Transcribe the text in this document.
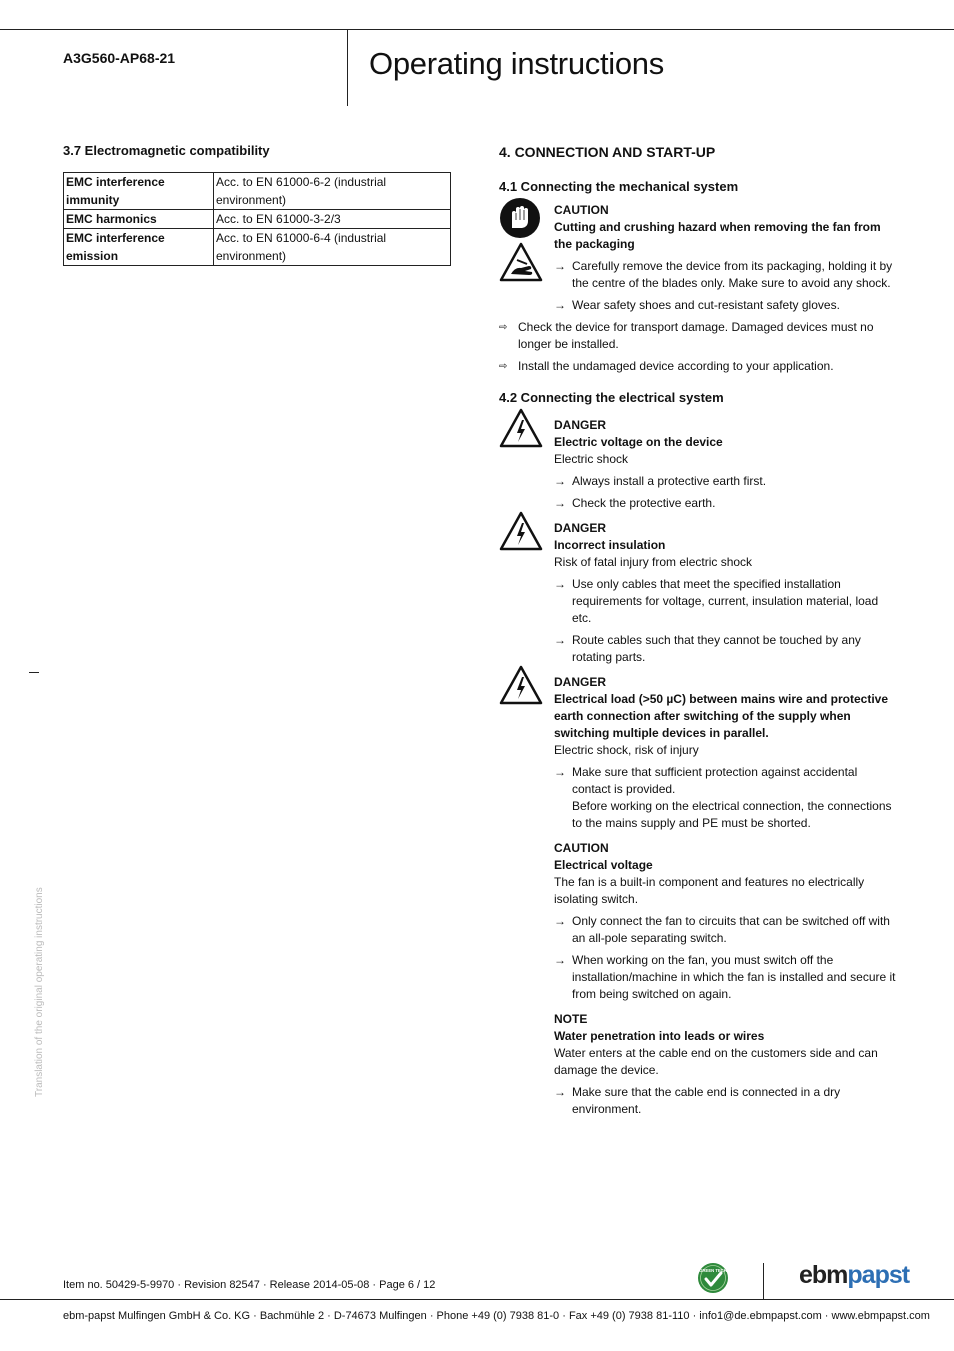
A3G560-AP68-21	Operating instructions
Translation of the original operating instructions
3.7 Electromagnetic compatibility
EMC interference immunity	Acc. to EN 61000-6-2 (industrial environment)
EMC harmonics	Acc. to EN 61000-3-2/3
EMC interference emission	Acc. to EN 61000-6-4 (industrial environment)
4. CONNECTION AND START-UP
4.1 Connecting the mechanical system
CAUTION
Cutting and crushing hazard when removing the fan from the packaging
→ Carefully remove the device from its packaging, holding it by the centre of the blades only. Make sure to avoid any shock.
→ Wear safety shoes and cut-resistant safety gloves.
⇨ Check the device for transport damage. Damaged devices must no longer be installed.
⇨ Install the undamaged device according to your application.
4.2 Connecting the electrical system
DANGER
Electric voltage on the device
Electric shock
→ Always install a protective earth first.
→ Check the protective earth.
DANGER
Incorrect insulation
Risk of fatal injury from electric shock
→ Use only cables that meet the specified installation requirements for voltage, current, insulation material, load etc.
→ Route cables such that they cannot be touched by any rotating parts.
DANGER
Electrical load (>50 µC) between mains wire and protective earth connection after switching of the supply when switching multiple devices in parallel.
Electric shock, risk of injury
→ Make sure that sufficient protection against accidental contact is provided.
Before working on the electrical connection, the connections to the mains supply and PE must be shorted.
CAUTION
Electrical voltage
The fan is a built-in component and features no electrically isolating switch.
→ Only connect the fan to circuits that can be switched off with an all-pole separating switch.
→ When working on the fan, you must switch off the installation/machine in which the fan is installed and secure it from being switched on again.
NOTE
Water penetration into leads or wires
Water enters at the cable end on the customers side and can damage the device.
→ Make sure that the cable end is connected in a dry environment.
Item no. 50429-5-9970 · Revision 82547 · Release 2014-05-08 · Page 6 / 12
GREEN TECH	ebmpapst
ebm-papst Mulfingen GmbH & Co. KG · Bachmühle 2 · D-74673 Mulfingen · Phone +49 (0) 7938 81-0 · Fax +49 (0) 7938 81-110 · info1@de.ebmpapst.com · www.ebmpapst.com
